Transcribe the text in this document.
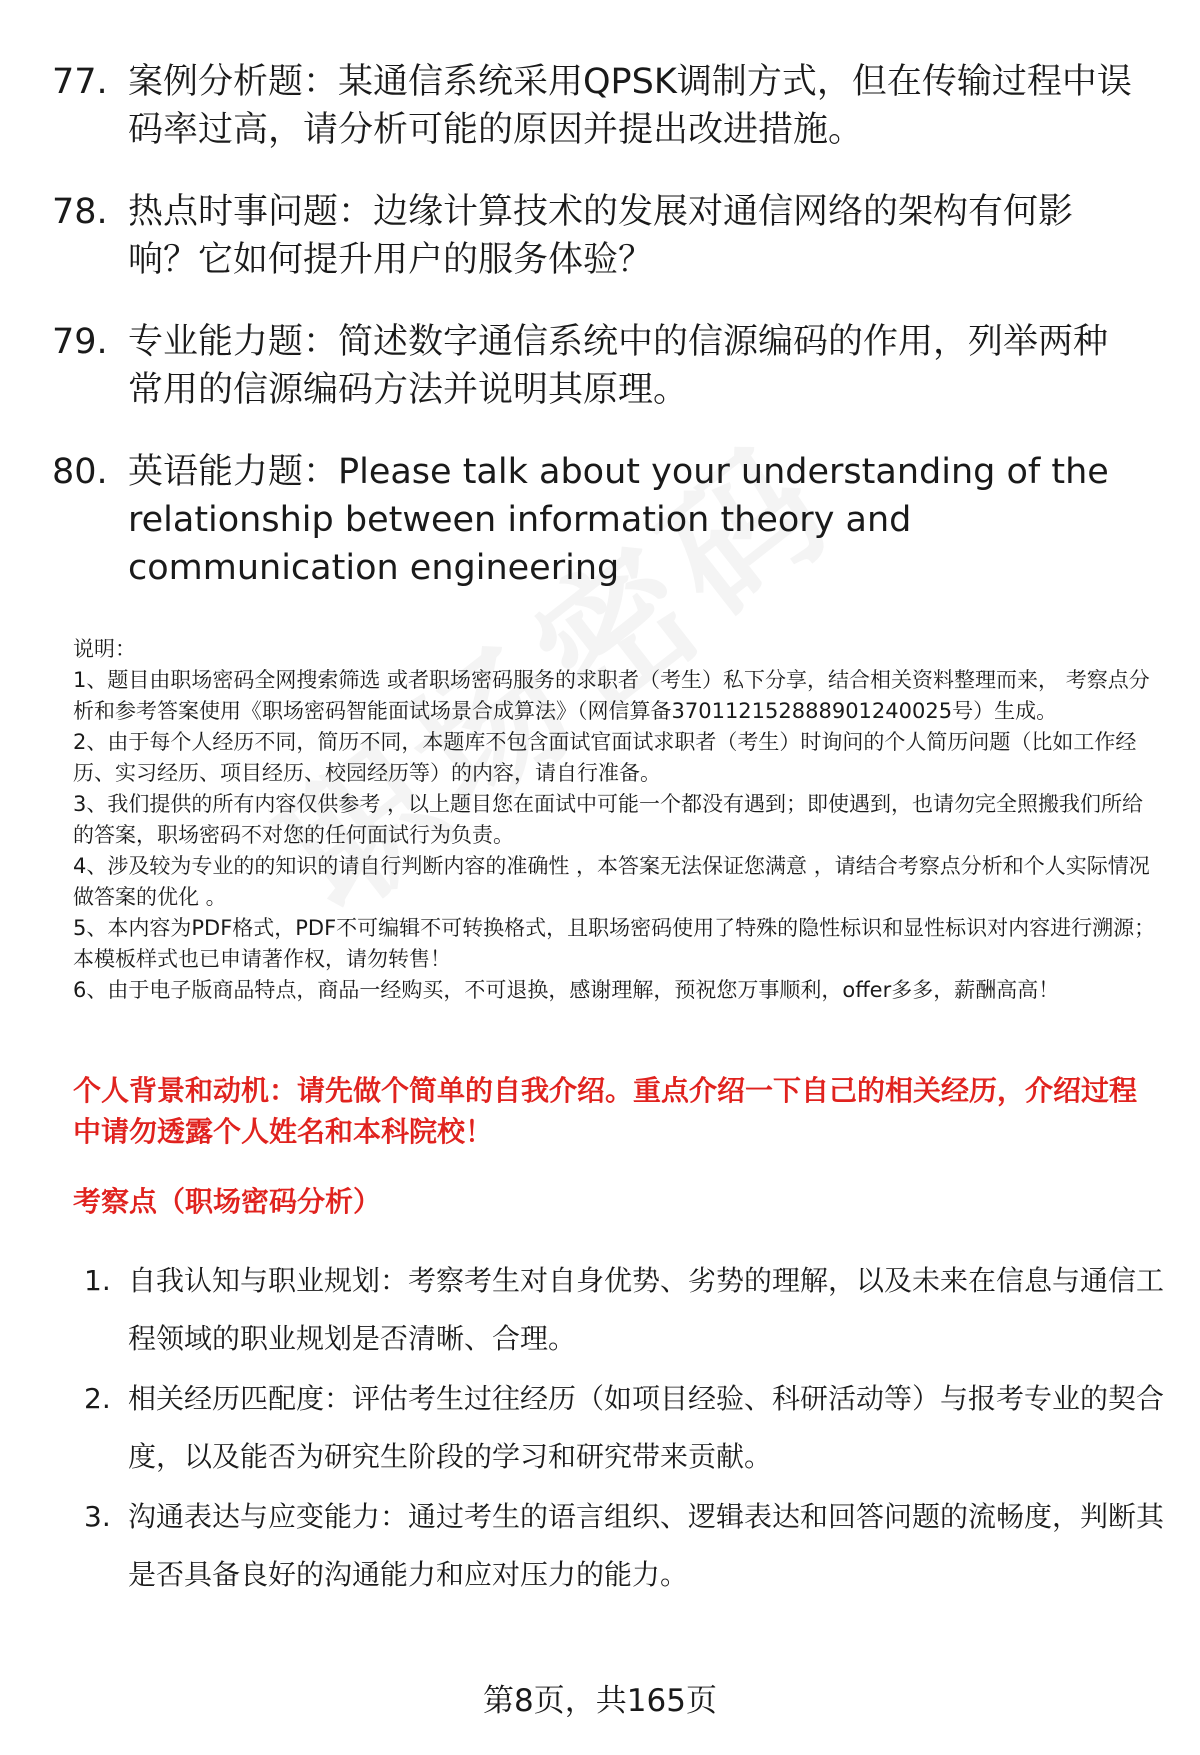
77. 案例分析题：某通信系统采用QPSK调制方式，但在传输过程中误码率过高，请分析可能的原因并提出改进措施。
78. 热点时事问题：边缘计算技术的发展对通信网络的架构有何影响？它如何提升用户的服务体验？
79. 专业能力题：简述数字通信系统中的信源编码的作用，列举两种常用的信源编码方法并说明其原理。
80. 英语能力题：Please talk about your understanding of the relationship between information theory and communication engineering

说明：

1、题目由职场密码全网搜索筛选 或者职场密码服务的求职者（考生）私下分享，结合相关资料整理而来， 考察点分析和参考答案使用《职场密码智能面试场景合成算法》（网信算备370112152888901240025号）生成。

2、由于每个人经历不同，简历不同，本题库不包含面试官面试求职者（考生）时询问的个人简历问题（比如工作经历、实习经历、项目经历、校园经历等）的内容，请自行准备。

3、我们提供的所有内容仅供参考 ，以上题目您在面试中可能一个都没有遇到；即使遇到，也请勿完全照搬我们所给的答案，职场密码不对您的任何面试行为负责。

4、涉及较为专业的的知识的请自行判断内容的准确性 ，本答案无法保证您满意 ，请结合考察点分析和个人实际情况做答案的优化 。

5、本内容为PDF格式，PDF不可编辑不可转换格式，且职场密码使用了特殊的隐性标识和显性标识对内容进行溯源；本模板样式也已申请著作权，请勿转售！

6、由于电子版商品特点，商品一经购买，不可退换，感谢理解，预祝您万事顺利，offer多多，薪酬高高！

个人背景和动机：请先做个简单的自我介绍。重点介绍一下自己的相关经历，介绍过程中请勿透露个人姓名和本科院校！
考察点（职场密码分析）
1. 自我认知与职业规划：考察考生对自身优势、劣势的理解，以及未来在信息与通信工程领域的职业规划是否清晰、合理。
2. 相关经历匹配度：评估考生过往经历（如项目经验、科研活动等）与报考专业的契合度，以及能否为研究生阶段的学习和研究带来贡献。
3. 沟通表达与应变能力：通过考生的语言组织、逻辑表达和回答问题的流畅度，判断其是否具备良好的沟通能力和应对压力的能力。
第8页，共165页
